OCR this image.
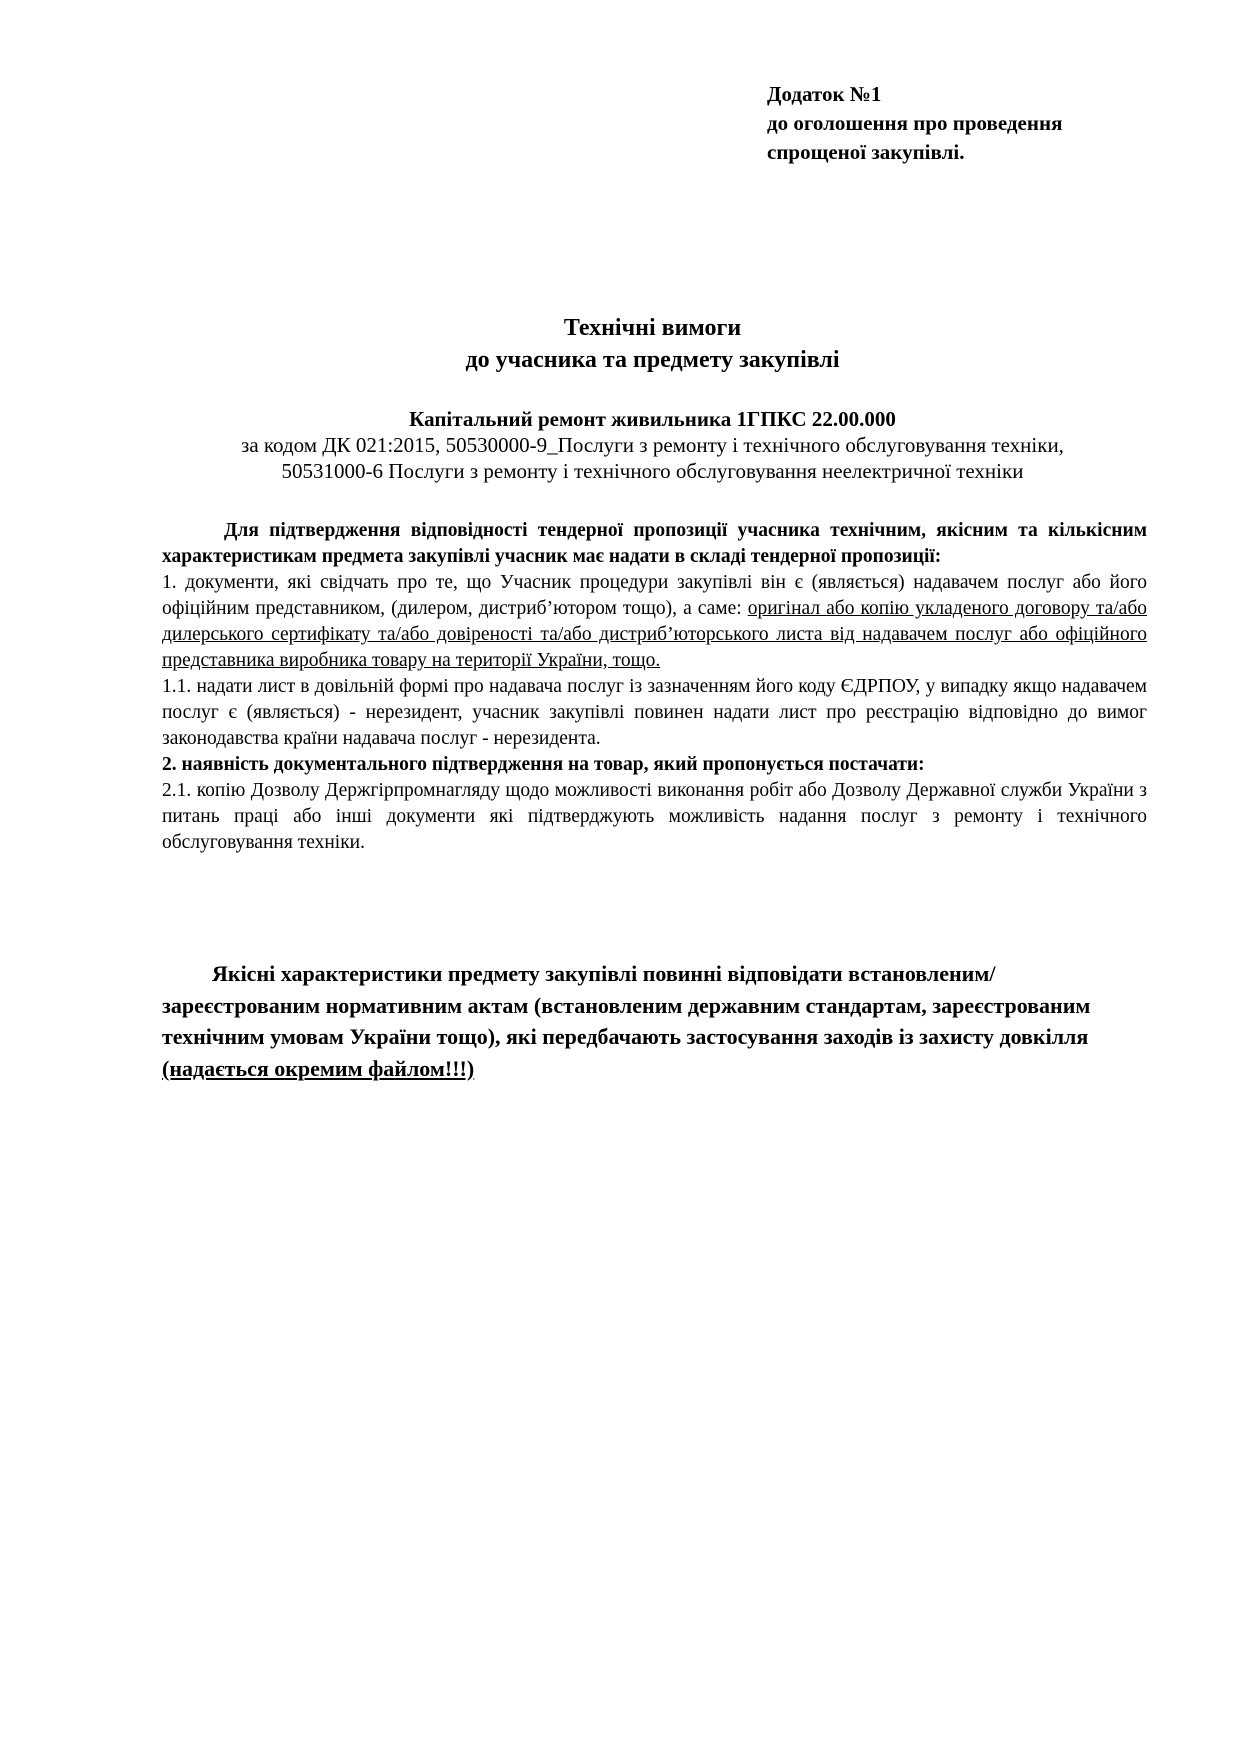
Додаток №1
до оголошення про проведення
спрощеної закупівлі.
Технічні вимоги
до учасника та предмету закупівлі
Капітальний ремонт живильника 1ГПКС 22.00.000
за кодом ДК 021:2015, 50530000-9_Послуги з ремонту і технічного обслуговування техніки,
50531000-6 Послуги з ремонту і технічного обслуговування неелектричної техніки

Для підтвердження відповідності тендерної пропозиції учасника технічним, якісним та кількісним характеристикам предмета закупівлі учасник має надати в складі тендерної пропозиції:

1. документи, які свідчать про те, що Учасник процедури закупівлі він є (являється) надавачем послуг або його офіційним представником, (дилером, дистриб’ютором тощо), а саме: оригінал або копію укладеного договору та/або дилерського сертифікату та/або довіреності та/або дистриб’юторського листа від надавачем послуг або офіційного представника виробника товару на території України, тощо.

1.1. надати лист в довільній формі про надавача послуг із зазначенням його коду ЄДРПОУ, у випадку якщо надавачем послуг є (являється) - нерезидент, учасник закупівлі повинен надати лист про реєстрацію відповідно до вимог законодавства країни надавача послуг - нерезидента.

2. наявність документального підтвердження на товар, який пропонується постачати:

2.1. копію Дозволу Держгірпромнагляду щодо можливості виконання робіт або Дозволу Державної служби України з питань праці або інші документи які підтверджують можливість надання послуг з ремонту і технічного обслуговування техніки.

Якісні характеристики предмету закупівлі повинні відповідати встановленим/зареєстрованим нормативним актам (встановленим державним стандартам, зареєстрованим технічним умовам України тощо), які передбачають застосування заходів із захисту довкілля (надається окремим файлом!!!)
